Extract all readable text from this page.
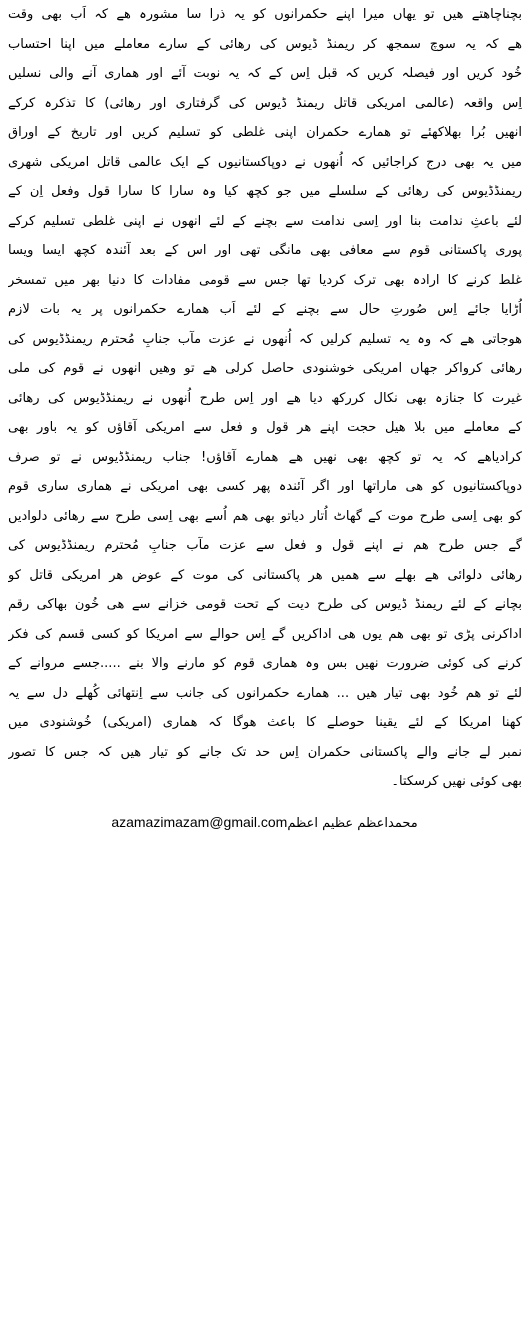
بچناچاھتے ھیں تو یھاں میرا اپنے حکمرانوں کو یہ ذرا سا مشورہ ھے کہ اَب بھی وقت
ھے کہ یہ سوچ سمجھ کر ریمنڈ ڈیوس کی رھائی کے سارے معاملے میں اپنا احتساب
خُود کریں اور فیصلہ کریں کہ قبل اِس کے کہ یہ نوبت آئے اور ھماری آنے والی نسلیں
اِس واقعہ (عالمی امریکی قاتل ریمنڈ ڈیوس کی گرفتاری اور رھائی) کا تذکرہ کرکے
انھیں بُرا بھلاکھئے تو ھمارے حکمران اپنی غلطی کو تسلیم کریں اور تاریخ کے اوراق
میں یہ بھی درج کراجائیں کہ اُنھوں نے دوپاکستانیوں کے ایک عالمی قاتل امریکی شھری
ریمنڈڈیوس کی رھائی کے سلسلے میں جو کچھ کیا وہ سارا کا سارا قول وفعل اِن کے
لئے باعثِ ندامت بنا اور اِسی ندامت سے بچنے کے لئے انھوں نے اپنی غلطی تسلیم کرکے
پوری پاکستانی قوم سے معافی بھی مانگی تھی اور اس کے بعد آئندہ کچھ ایسا ویسا
غلط کرنے کا ارادہ بھی ترک کردیا تھا جس سے قومی مفادات کا دنیا بھر میں تمسخر
اُڑایا جائے اِس صُورتِ حال سے بچنے کے لئے اَب ھمارے حکمرانوں پر یہ بات لازم
ھوجاتی ھے کہ وہ یہ تسلیم کرلیں کہ اُنھوں نے عزت مآب جنابِ مُحترم ریمنڈڈیوس کی
رھائی کرواکر جھاں امریکی خوشنودی حاصل کرلی ھے تو وھیں انھوں نے قوم کی ملی
غیرت کا جنازہ بھی نکال کررکھ دیا ھے اور اِس طرح اُنھوں نے ریمنڈڈیوس کی رھائی
کے معاملے میں بلا ھیل حجت اپنے ھر قول و فعل سے امریکی آقاؤں کو یہ باور بھی
کرادیاھے کہ یہ تو کچھ بھی نھیں ھے ھمارے آقاؤں! جناب ریمنڈڈیوس نے تو صرف
دوپاکستانیوں کو ھی ماراتھا اور اگر آئندہ پھر کسی بھی امریکی نے ھماری ساری قوم
کو بھی اِسی طرح موت کے گھاٹ اُتار دیاتو بھی ھم اُسے بھی اِسی طرح سے رھائی دلوادیں
گے جس طرح ھم نے اپنے قول و فعل سے عزت مآب جنابِ مُحترم ریمنڈڈیوس کی
رھائی دلوائی ھے بھلے سے ھمیں ھر پاکستانی کی موت کے عوض ھر امریکی قاتل کو
بچانے کے لئے ریمنڈ ڈیوس کی طرح دیت کے تحت قومی خزانے سے ھی خُون بھاکی رقم
اداکرنی پڑی تو بھی ھم یوں ھی اداکریں گے اِس حوالے سے امریکا کو کسی قسم کی فکر
کرنے کی کوئی ضرورت نھیں بس وہ ھماری قوم کو مارنے والا بنے .....جسے مروانے کے
لئے تو ھم خُود بھی تیار ھیں ... ھمارے حکمرانوں کی جانب سے اِنتھائی کُھلے دل سے یہ
کھنا امریکا کے لئے یقینا حوصلے کا باعث ھوگا کہ ھماری (امریکی) خُوشنودی میں
نمبر لے جانے والے پاکستانی حکمران اِس حد تک جانے کو تیار ھیں کہ جس کا تصور
بھی کوئی نھیں کرسکتا۔
azamazimazam@gmail.comمحمداعظم عظیم اعظم
